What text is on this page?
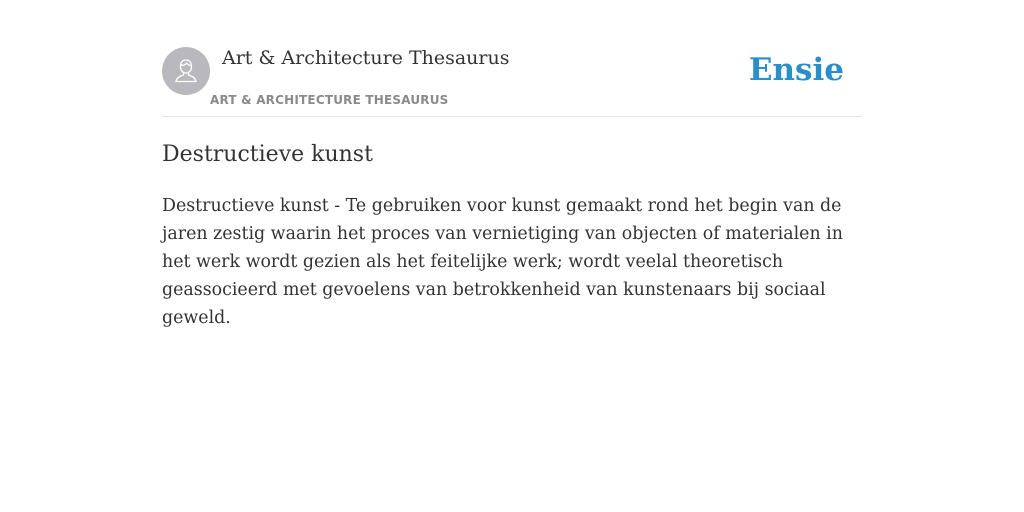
Art & Architecture Thesaurus
ART & ARCHITECTURE THESAURUS
Ensie
Destructieve kunst

Destructieve kunst - Te gebruiken voor kunst gemaakt rond het begin van de jaren zestig waarin het proces van vernietiging van objecten of materialen in het werk wordt gezien als het feitelijke werk; wordt veelal theoretisch geassocieerd met gevoelens van betrokkenheid van kunstenaars bij sociaal geweld.
